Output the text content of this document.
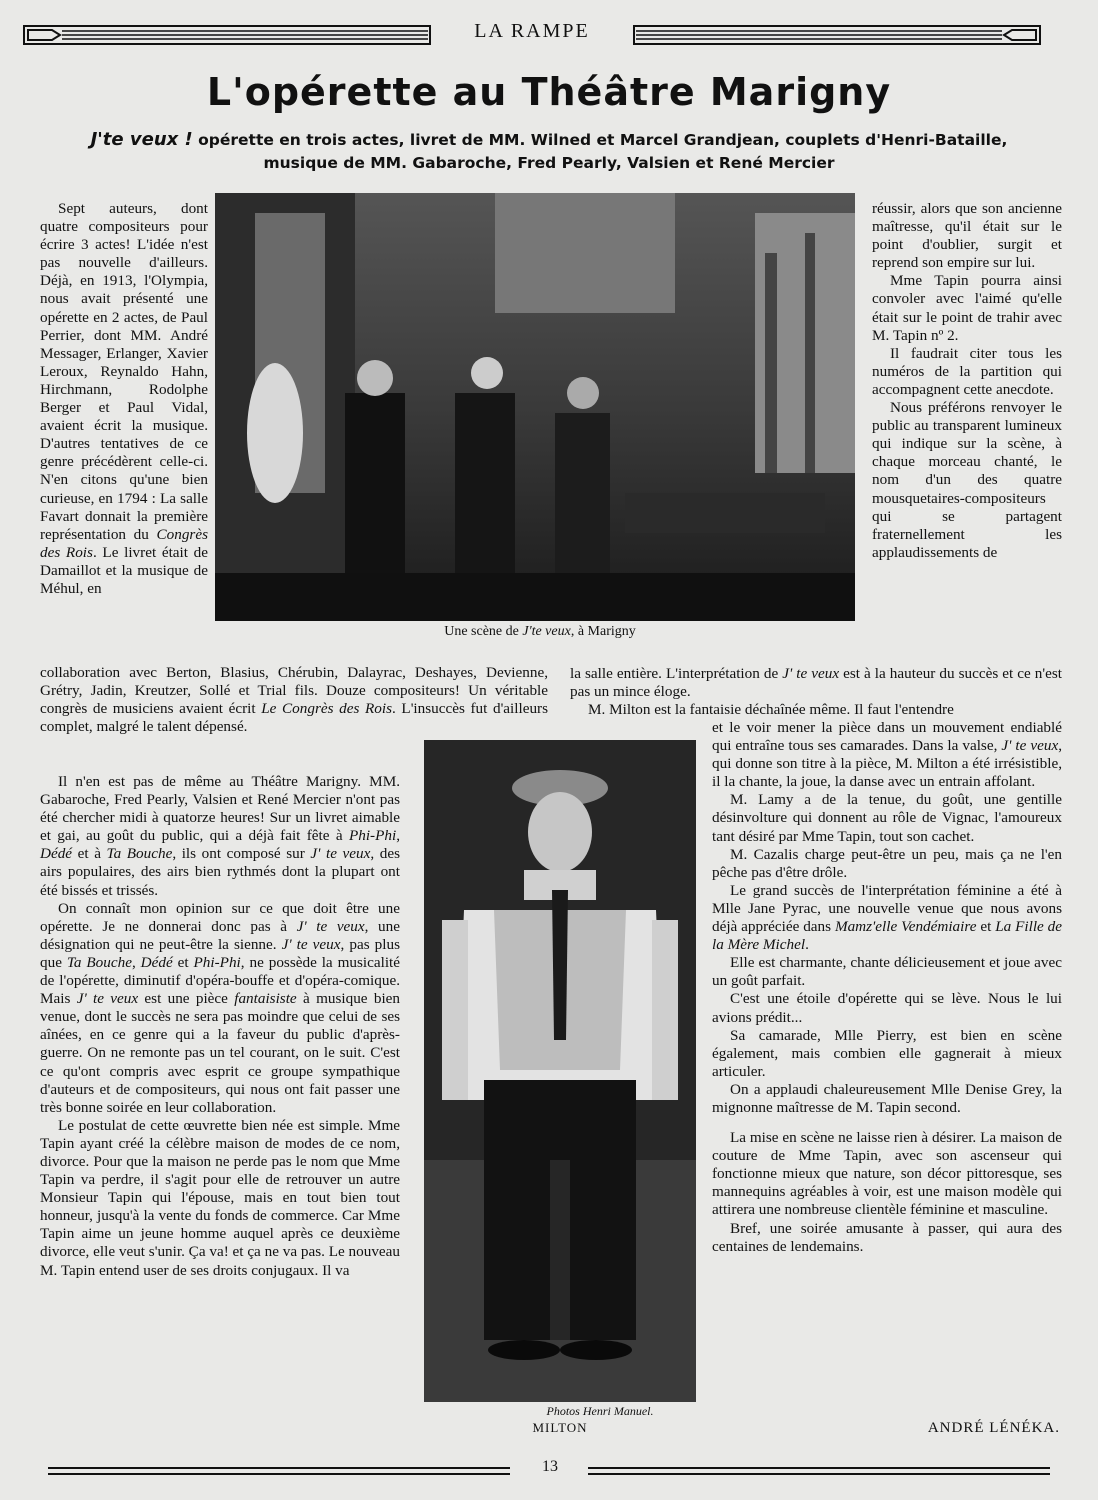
LA RAMPE
L'opérette au Théâtre Marigny
J'te veux ! opérette en trois actes, livret de MM. Wilned et Marcel Grandjean, couplets d'Henri-Bataille,
musique de MM. Gabaroche, Fred Pearly, Valsien et René Mercier
Une scène de J'te veux, à Marigny
Photos Henri Manuel.
MILTON

Sept auteurs, dont quatre compositeurs pour écrire 3 actes! L'idée n'est pas nouvelle d'ailleurs. Déjà, en 1913, l'Olympia, nous avait présenté une opérette en 2 actes, de Paul Perrier, dont MM. André Messager, Erlanger, Xavier Leroux, Reynaldo Hahn, Hirchmann, Rodolphe Berger et Paul Vidal, avaient écrit la musique. D'autres tentatives de ce genre précédèrent celle-ci. N'en citons qu'une bien curieuse, en 1794 : La salle Favart donnait la première représentation du Congrès des Rois. Le livret était de Damaillot et la musique de Méhul, en

collaboration avec Berton, Blasius, Chérubin, Dalayrac, Deshayes, Devienne, Grétry, Jadin, Kreutzer, Sollé et Trial fils. Douze compositeurs! Un véritable congrès de musiciens avaient écrit Le Congrès des Rois. L'insuccès fut d'ailleurs complet, malgré le talent dépensé.

Il n'en est pas de même au Théâtre Marigny. MM. Gabaroche, Fred Pearly, Valsien et René Mercier n'ont pas été chercher midi à quatorze heures! Sur un livret aimable et gai, au goût du public, qui a déjà fait fête à Phi-Phi, Dédé et à Ta Bouche, ils ont composé sur J' te veux, des airs populaires, des airs bien rythmés dont la plupart ont été bissés et trissés.

On connaît mon opinion sur ce que doit être une opérette. Je ne donnerai donc pas à J' te veux, une désignation qui ne peut-être la sienne. J' te veux, pas plus que Ta Bouche, Dédé et Phi-Phi, ne possède la musicalité de l'opérette, diminutif d'opéra-bouffe et d'opéra-comique. Mais J' te veux est une pièce fantaisiste à musique bien venue, dont le succès ne sera pas moindre que celui de ses aînées, en ce genre qui a la faveur du public d'après-guerre. On ne remonte pas un tel courant, on le suit. C'est ce qu'ont compris avec esprit ce groupe sympathique d'auteurs et de compositeurs, qui nous ont fait passer une très bonne soirée en leur collaboration.

Le postulat de cette œuvrette bien née est simple. Mme Tapin ayant créé la célèbre maison de modes de ce nom, divorce. Pour que la maison ne perde pas le nom que Mme Tapin va perdre, il s'agit pour elle de retrouver un autre Monsieur Tapin qui l'épouse, mais en tout bien tout honneur, jusqu'à la vente du fonds de commerce. Car Mme Tapin aime un jeune homme auquel après ce deuxième divorce, elle veut s'unir. Ça va! et ça ne va pas. Le nouveau M. Tapin entend user de ses droits conjugaux. Il va

réussir, alors que son ancienne maîtresse, qu'il était sur le point d'oublier, surgit et reprend son empire sur lui.

Mme Tapin pourra ainsi convoler avec l'aimé qu'elle était sur le point de trahir avec M. Tapin nº 2.

Il faudrait citer tous les numéros de la partition qui accompagnent cette anecdote.

Nous préférons renvoyer le public au transparent lumineux qui indique sur la scène, à chaque morceau chanté, le nom d'un des quatre mousquetaires-compositeurs qui se partagent fraternellement les applaudissements de

la salle entière. L'interprétation de J' te veux est à la hauteur du succès et ce n'est pas un mince éloge.

M. Milton est la fantaisie déchaînée même. Il faut l'entendre

et le voir mener la pièce dans un mouvement endiablé qui entraîne tous ses camarades. Dans la valse, J' te veux, qui donne son titre à la pièce, M. Milton a été irrésistible, il la chante, la joue, la danse avec un entrain affolant.

M. Lamy a de la tenue, du goût, une gentille désinvolture qui donnent au rôle de Vignac, l'amoureux tant désiré par Mme Tapin, tout son cachet.

M. Cazalis charge peut-être un peu, mais ça ne l'en pêche pas d'être drôle.

Le grand succès de l'interprétation féminine a été à Mlle Jane Pyrac, une nouvelle venue que nous avons déjà appréciée dans Mamz'elle Vendémiaire et La Fille de la Mère Michel.

Elle est charmante, chante délicieusement et joue avec un goût parfait.

C'est une étoile d'opérette qui se lève. Nous le lui avions prédit...

Sa camarade, Mlle Pierry, est bien en scène également, mais combien elle gagnerait à mieux articuler.

On a applaudi chaleureusement Mlle Denise Grey, la mignonne maîtresse de M. Tapin second.

La mise en scène ne laisse rien à désirer. La maison de couture de Mme Tapin, avec son ascenseur qui fonctionne mieux que nature, son décor pittoresque, ses mannequins agréables à voir, est une maison modèle qui attirera une nombreuse clientèle féminine et masculine.

Bref, une soirée amusante à passer, qui aura des centaines de lendemains.

ANDRÉ LÉNÉKA.
13
